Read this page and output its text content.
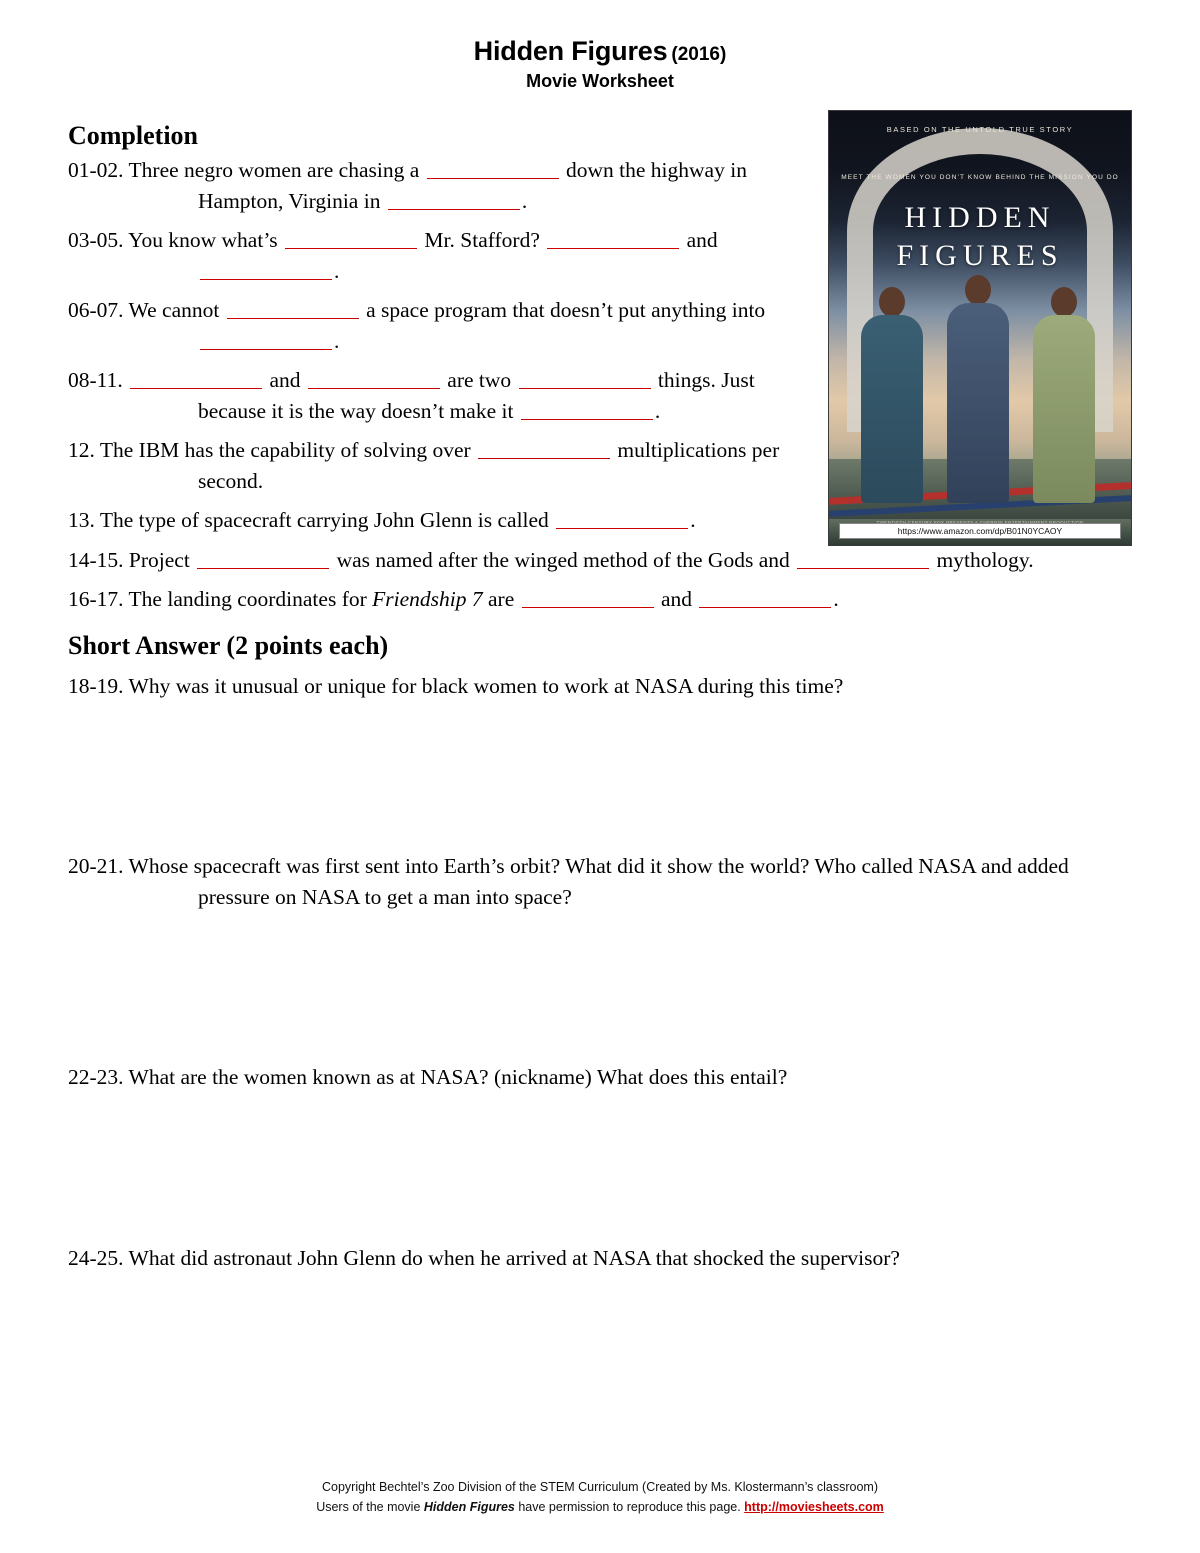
Hidden Figures (2016)
Movie Worksheet
BASED ON THE UNTOLD TRUE STORY
MEET THE WOMEN YOU DON’T KNOW BEHIND THE MISSION YOU DO
HIDDEN
FIGURES
https://www.amazon.com/dp/B01N0YCAOY
Completion
01-02. Three negro women are chasing a	down the highway in Hampton, Virginia in	.
03-05. You know what’s	Mr. Stafford?	and .
06-07. We cannot	a space program that doesn’t put anything into .
08-11.	and	are two	things. Just because it is the way doesn’t make it	.
12. The IBM has the capability of solving over	multiplications per second.
13. The type of spacecraft carrying John Glenn is called	.
14-15. Project	was named after the winged method of the Gods and	mythology.
16-17. The landing coordinates for Friendship 7 are	and	.
Short Answer (2 points each)
18-19. Why was it unusual or unique for black women to work at NASA during this time?
20-21. Whose spacecraft was first sent into Earth’s orbit? What did it show the world? Who called NASA and added pressure on NASA to get a man into space?
22-23. What are the women known as at NASA? (nickname) What does this entail?
24-25. What did astronaut John Glenn do when he arrived at NASA that shocked the supervisor?
Copyright Bechtel’s Zoo Division of the STEM Curriculum (Created by Ms. Klostermann’s classroom)
Users of the movie Hidden Figures have permission to reproduce this page. http://moviesheets.com
